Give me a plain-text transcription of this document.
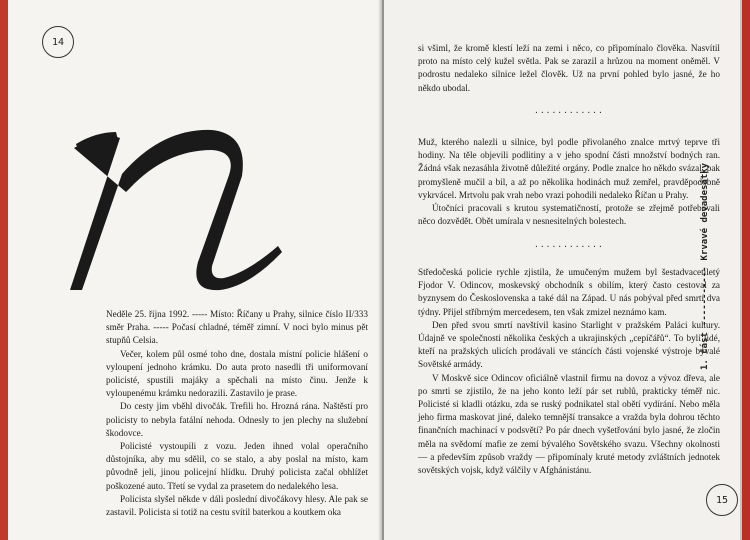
14

Neděle 25. října 1992. ----- Místo: Říčany u Prahy, silnice číslo II/333 směr Praha. ----- Počasí chladné, téměř zimní. V noci bylo minus pět stupňů Celsia.

Večer, kolem půl osmé toho dne, dostala místní policie hlášení o vyloupení jednoho krámku. Do auta proto nasedli tři uniformovaní policisté, spustili majáky a spěchali na místo činu. Jenže k vyloupenému krámku nedorazili. Zastavilo je prase.

Do cesty jim vběhl divočák. Trefili ho. Hrozná rána. Naštěstí pro policisty to nebyla fatální nehoda. Odnesly to jen plechy na služební škodovce.

Policisté vystoupili z vozu. Jeden ihned volal operačního důstojníka, aby mu sdělil, co se stalo, a aby poslal na místo, kam původně jeli, jinou policejní hlídku. Druhý policista začal obhlížet poškozené auto. Třetí se vydal za prasetem do nedalekého lesa.

Policista slyšel někde v dáli poslední divočákovy hlesy. Ale pak se zastavil. Policista si totiž na cestu svítil baterkou a koutkem oka

si všiml, že kromě klestí leží na zemi i něco, co připomínalo člověka. Nasvítil proto na místo celý kužel světla. Pak se zarazil a hrůzou na moment oněměl. V podrostu nedaleko silnice ležel člověk. Už na první pohled bylo jasné, že ho někdo ubodal.

............

Muž, kterého nalezli u silnice, byl podle přivolaného znalce mrtvý teprve tři hodiny. Na těle objevili podlitiny a v jeho spodní části množství bodných ran. Žádná však nezasáhla životně důležité orgány. Podle znalce ho někdo svázal, pak promyšleně mučil a bil, a až po několika hodinách muž zemřel, pravděpodobně vykrvácel. Mrtvolu pak vrah nebo vrazi pohodili nedaleko Říčan u Prahy.

Útočníci pracovali s krutou systematičností, protože se zřejmě potřebovali něco dozvědět. Obět umírala v nesnesitelných bolestech.

............

Středočeská policie rychle zjistila, že umučeným mužem byl šestadvacetiletý Fjodor V. Odincov, moskevský obchodník s obilím, který často cestoval za byznysem do Československa a také dál na Západ. U nás pobýval před smrtí dva týdny. Přijel stříbrným mercedesem, ten však zmizel neznámo kam.

Den před svou smrtí navštívil kasino Starlight v pražském Paláci kultury. Údajně ve společnosti několika českých a ukrajinských „cepíčářů“. To byli lidé, kteří na pražských ulicích prodávali ve stáncích části vojenské výstroje bývalé Sovětské armády.

V Moskvě sice Odincov oficiálně vlastnil firmu na dovoz a vývoz dřeva, ale po smrti se zjistilo, že na jeho konto leží pár set rublů, prakticky téměř nic. Policisté si kladli otázku, zda se ruský podnikatel stal obětí vydírání. Nebo měla jeho firma maskovat jiné, daleko temnější transakce a vražda byla dohrou těchto finančních machinací v podsvětí? Po pár dnech vyšetřování bylo jasné, že zločin měla na svědomí mafie ze zemí bývalého Sovětského svazu. Všechny okolnosti — a především způsob vraždy — připomínaly kruté metody zvláštních jednotek sovětských vojsk, když válčily v Afghánistánu.

15
1. část
-----------
Krvavé devadesátky
